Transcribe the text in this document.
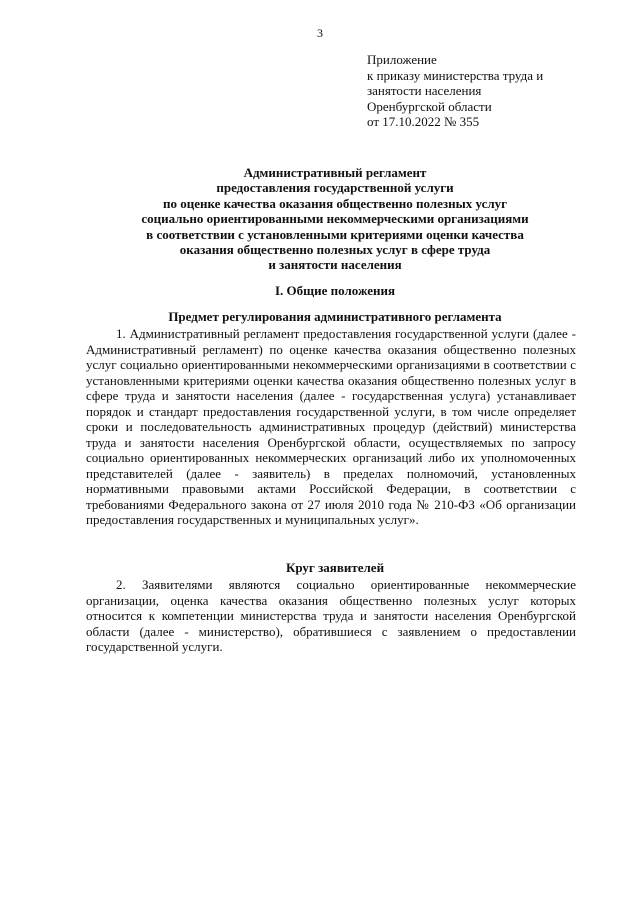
3
Приложение
к приказу министерства труда и
занятости населения
Оренбургской области
от 17.10.2022 № 355
Административный регламент
предоставления государственной услуги
по оценке качества оказания общественно полезных услуг
социально ориентированными некоммерческими организациями
в соответствии с установленными критериями оценки качества
оказания общественно полезных услуг в сфере труда
и занятости населения
I. Общие положения
Предмет регулирования административного регламента
1. Административный регламент предоставления государственной услуги (далее - Административный регламент) по оценке качества оказания общественно полезных услуг социально ориентированными некоммерческими организациями в соответствии с установленными критериями оценки качества оказания общественно полезных услуг в сфере труда и занятости населения (далее - государственная услуга) устанавливает порядок и стандарт предоставления государственной услуги, в том числе определяет сроки и последовательность административных процедур (действий) министерства труда и занятости населения Оренбургской области, осуществляемых по запросу социально ориентированных некоммерческих организаций либо их уполномоченных представителей (далее - заявитель) в пределах полномочий, установленных нормативными правовыми актами Российской Федерации, в соответствии с требованиями Федерального закона от 27 июля 2010 года № 210-ФЗ «Об организации предоставления государственных и муниципальных услуг».
Круг заявителей
2. Заявителями являются социально ориентированные некоммерческие организации, оценка качества оказания общественно полезных услуг которых относится к компетенции министерства труда и занятости населения Оренбургской области (далее - министерство), обратившиеся с заявлением о предоставлении государственной услуги.
